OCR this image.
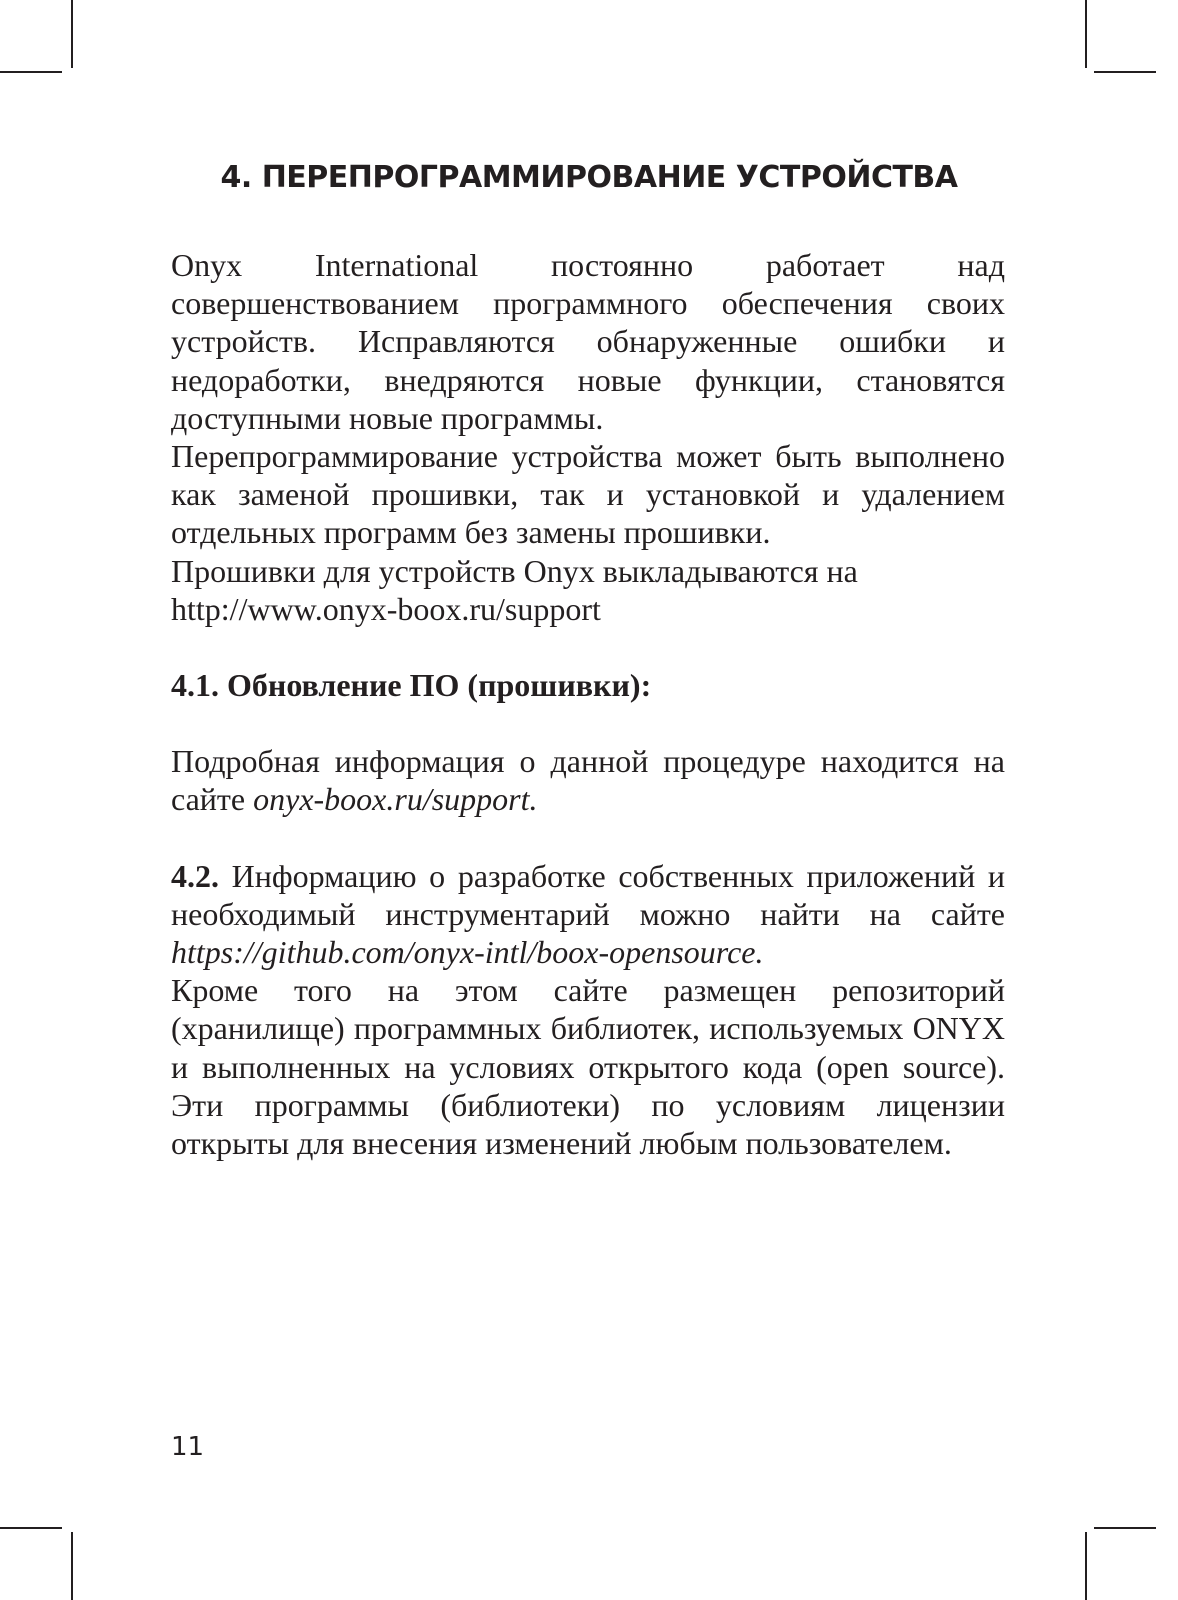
4. ПЕРЕПРОГРАММИРОВАНИЕ УСТРОЙСТВА

Onyx International постоянно работает над совершенствованием программного обеспечения своих устройств. Исправляются обнаруженные ошибки и недоработки, внедряются новые функции, становятся доступными новые программы.

Перепрограммирование устройства может быть выполнено как заменой прошивки, так и установкой и удалением отдельных программ без замены прошивки.

Прошивки для устройств Onyx выкладываются на

http://www.onyx-boox.ru/support

4.1. Обновление ПО (прошивки):

Подробная информация о данной процедуре находится на сайте onyx-boox.ru/support.

4.2. Информацию о разработке собственных приложений и необходимый инструментарий можно найти на сайте https://github.com/onyx-intl/boox-opensource.

Кроме того на этом сайте размещен репозиторий (хранилище) программных библиотек, используемых ONYX и выполненных на условиях открытого кода (open source). Эти программы (библиотеки) по условиям лицензии открыты для внесения изменений любым пользователем.

11
